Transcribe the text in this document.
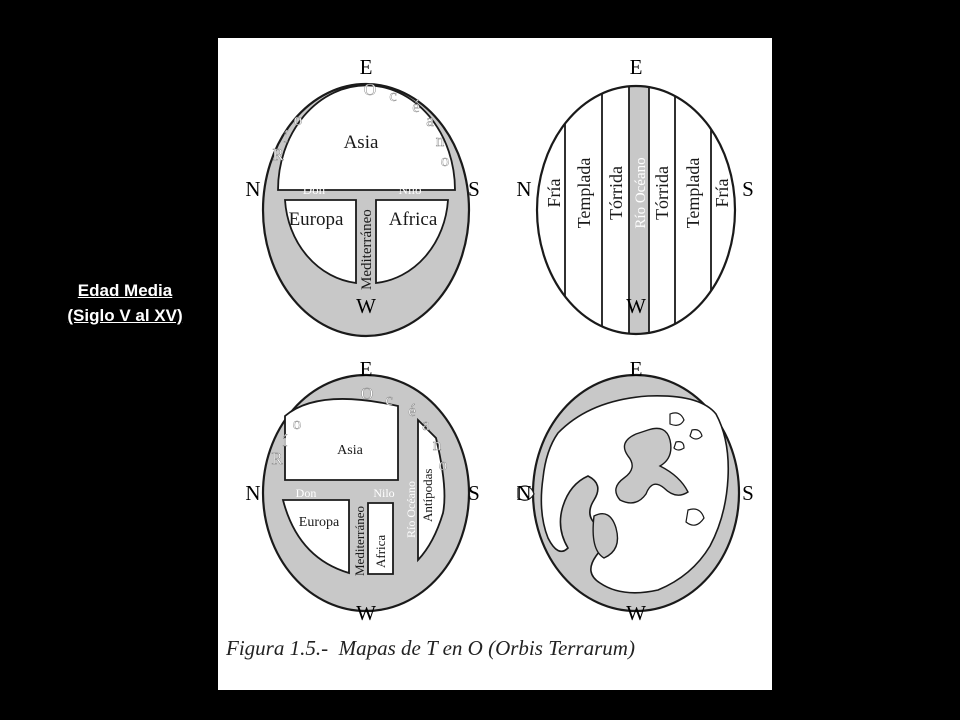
Edad Media
(Siglo V al XV)
E
W
N	S
R
í
o
O c
é
a
n
o
Asia
Europa Africa
Don	Nilo
Mediterráneo
E
W
N	S
Fría Templada Tórrida Río Océano Tórrida Templada Fría
E
W
N	S
R
í
o
O c
é
a
n
o
Asia
Europa
Don	Nilo
Mediterráneo Africa
Río Océano Antípodas
E
W
N	S
Figura 1.5.-  Mapas de T en O (Orbis Terrarum)
